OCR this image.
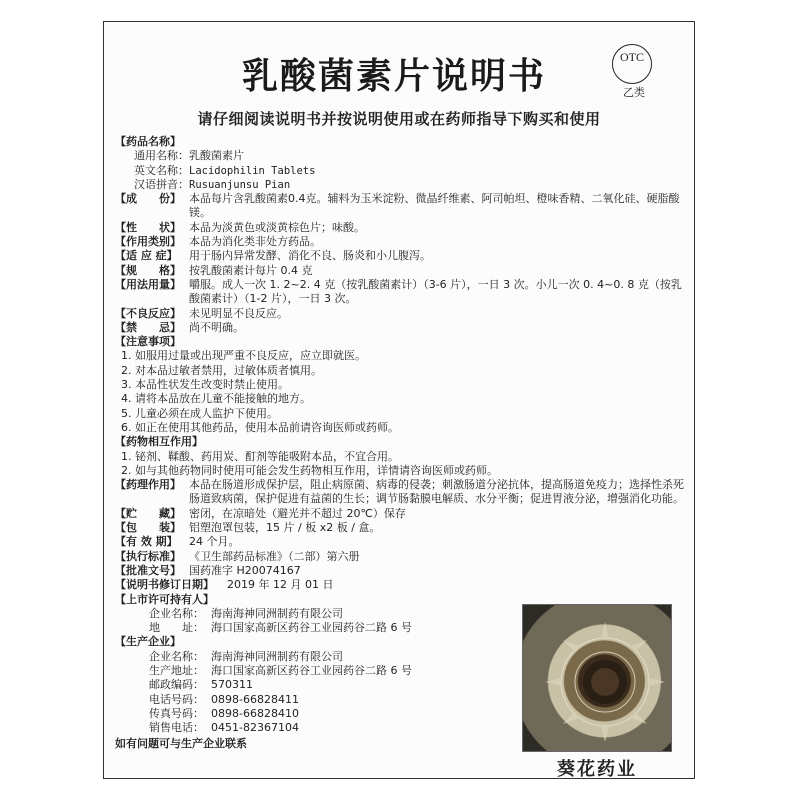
乳酸菌素片说明书	OTC
乙类
请仔细阅读说明书并按说明使用或在药师指导下购买和使用
【药品名称】
通用名称： 乳酸菌素片
英文名称： Lacidophilin Tablets
汉语拼音： Rusuanjunsu Pian
【成　　份】 本品每片含乳酸菌素0.4克。辅料为玉米淀粉、微晶纤维素、阿司帕坦、橙味香精、二氧化硅、硬脂酸镁。
【性　　状】 本品为淡黄色或淡黄棕色片；味酸。
【作用类别】 本品为消化类非处方药品。
【适 应 症】	用于肠内异常发酵、消化不良、肠炎和小儿腹泻。
【规　　格】 按乳酸菌素计每片 0.4 克
【用法用量】 嚼服。成人一次 1. 2~2. 4 克（按乳酸菌素计）（3-6 片），一日 3 次。小儿一次 0. 4~0. 8 克（按乳酸菌素计）（1-2 片），一日 3 次。
【不良反应】 未见明显不良反应。
【禁　　忌】 尚不明确。
【注意事项】
1. 如服用过量或出现严重不良反应，应立即就医。
2. 对本品过敏者禁用，过敏体质者慎用。
3. 本品性状发生改变时禁止使用。
4. 请将本品放在儿童不能接触的地方。
5. 儿童必须在成人监护下使用。
6. 如正在使用其他药品，使用本品前请咨询医师或药师。
【药物相互作用】
1. 铋剂、鞣酸、药用炭、酊剂等能吸附本品，不宜合用。
2. 如与其他药物同时使用可能会发生药物相互作用，详情请咨询医师或药师。
【药理作用】 本品在肠道形成保护层，阻止病原菌、病毒的侵袭；刺激肠道分泌抗体，提高肠道免疫力；选择性杀死肠道致病菌，保护促进有益菌的生长；调节肠黏膜电解质、水分平衡；促进胃液分泌，增强消化功能。
【贮　　藏】 密闭，在凉暗处（避光并不超过 20℃）保存
【包　　装】 铝塑泡罩包装，15 片 / 板 x2 板 / 盒。
【有 效 期】	24 个月。
【执行标准】 《卫生部药品标准》（二部）第六册
【批准文号】 国药准字 H20074167
【说明书修订日期】	2019 年 12 月 01 日
【上市许可持有人】
企业名称： 海南海神同洲制药有限公司
地　　址： 海口国家高新区药谷工业园药谷二路 6 号
【生产企业】
企业名称： 海南海神同洲制药有限公司
生产地址： 海口国家高新区药谷工业园药谷二路 6 号
邮政编码： 570311
电话号码： 0898-66828411
传真号码： 0898-66828410
销售电话： 0451-82367104
如有问题可与生产企业联系
葵花药业
